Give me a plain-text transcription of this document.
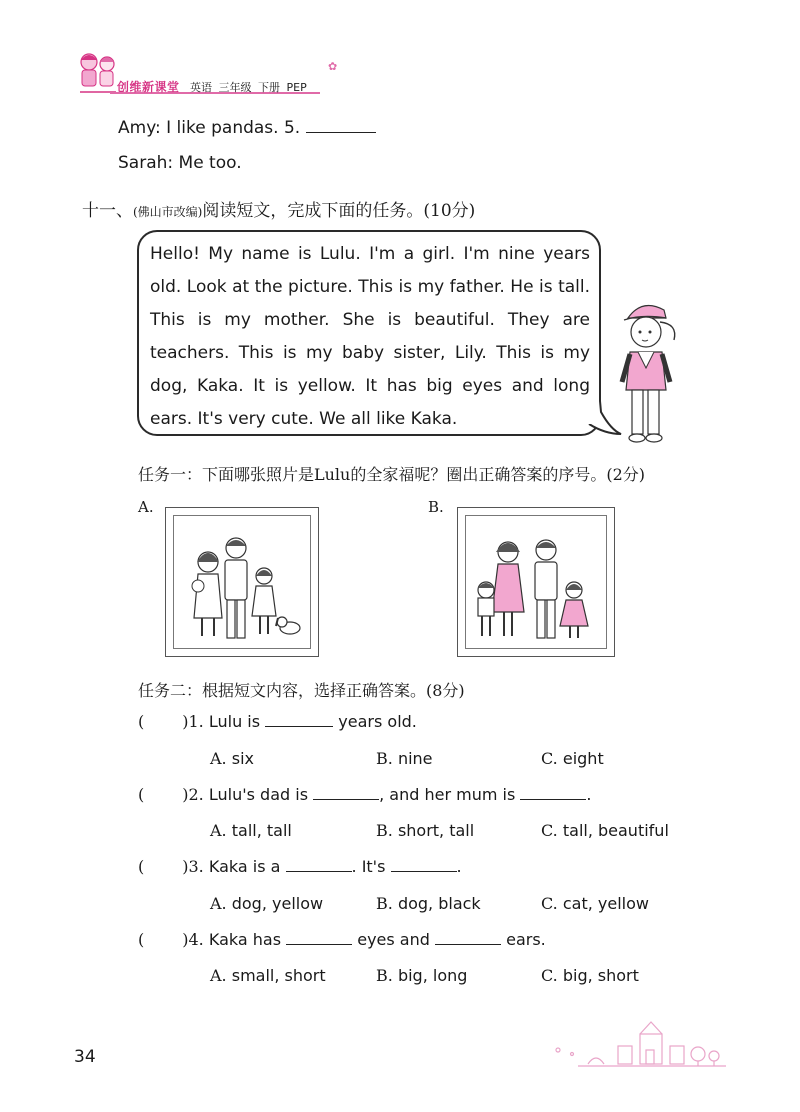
创维新课堂 英语 三年级 下册 PEP
✿
Amy: I like pandas. 5.
Sarah: Me too.
十一、(佛山市改编)阅读短文，完成下面的任务。(10分)
Hello! My name is Lulu. I'm a girl. I'm nine years old. Look at the picture. This is my father. He is tall. This is my mother. She is beautiful. They are teachers. This is my baby sister, Lily. This is my dog, Kaka. It is yellow. It has big eyes and long ears. It's very cute. We all like Kaka.
任务一：下面哪张照片是Lulu的全家福呢？圈出正确答案的序号。(2分)
A.	B.
任务二：根据短文内容，选择正确答案。(8分)
( )1. Lulu is	years old.
A. six	B. nine	C. eight
( )2. Lulu's dad is	, and her mum is	.
A. tall, tall	B. short, tall	C. tall, beautiful
( )3. Kaka is a	. It's	.
A. dog, yellow	B. dog, black	C. cat, yellow
( )4. Kaka has	eyes and	ears.
A. small, short	B. big, long	C. big, short
34
